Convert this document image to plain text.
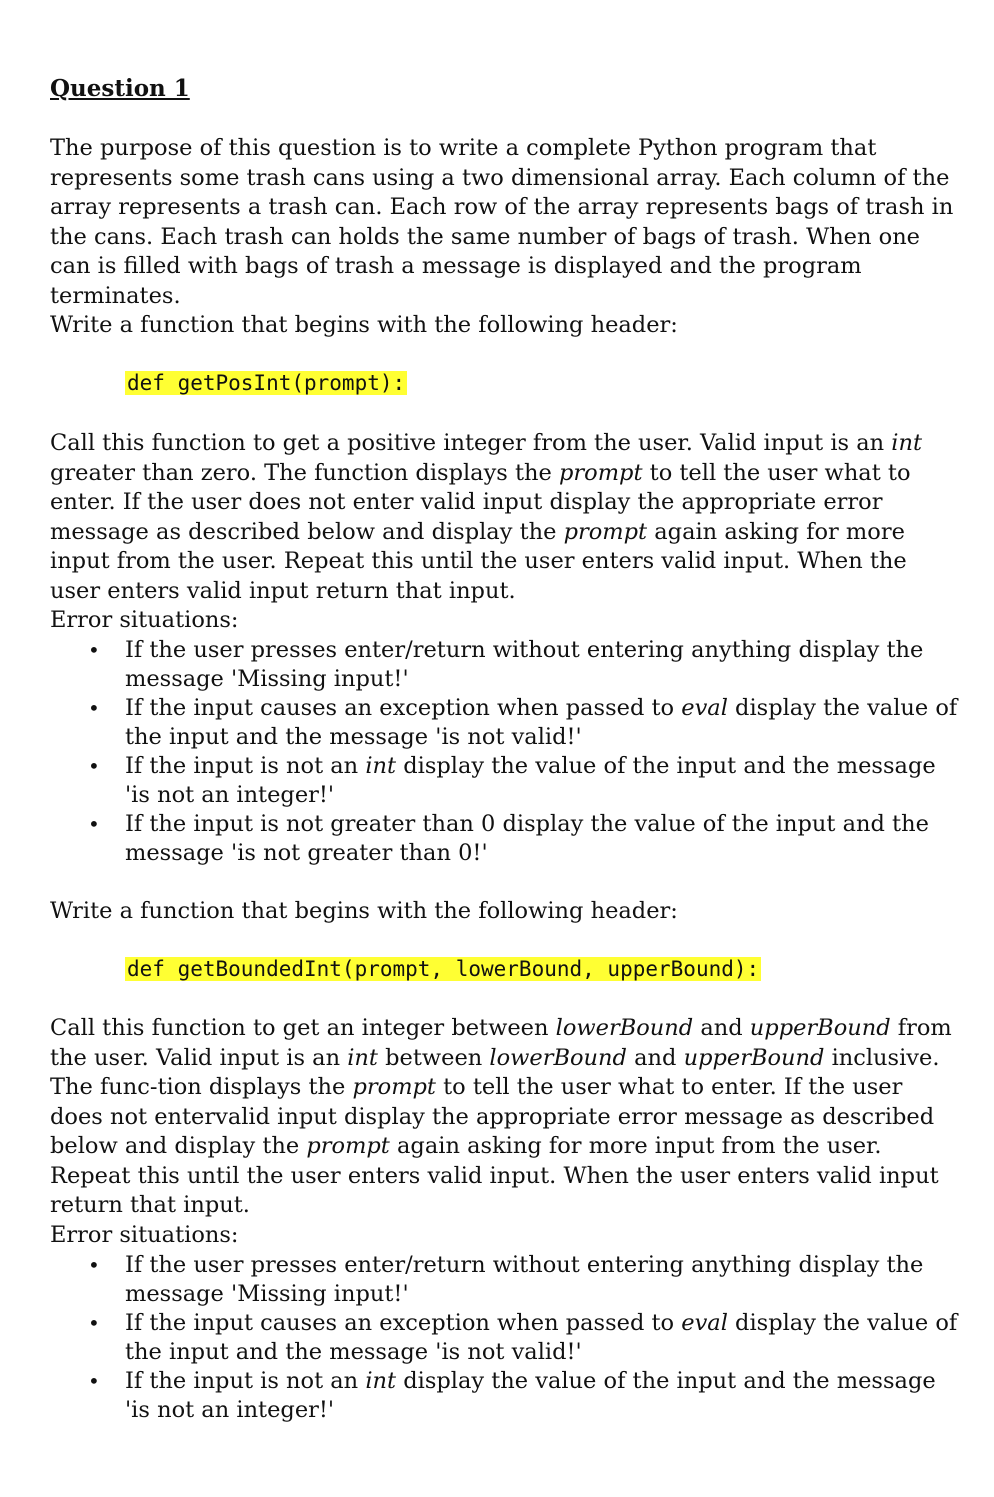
Question 1

The purpose of this question is to write a complete Python program that represents some trash cans using a two dimensional array. Each column of the array represents a trash can. Each row of the array represents bags of trash in the cans. Each trash can holds the same number of bags of trash. When one can is filled with bags of trash a message is displayed and the program terminates.

Write a function that begins with the following header:

def getPosInt(prompt):

Call this function to get a positive integer from the user. Valid input is an int greater than zero. The function displays the prompt to tell the user what to enter. If the user does not enter valid input display the appropriate error message as described below and display the prompt again asking for more input from the user. Repeat this until the user enters valid input. When the user enters valid input return that input.

Error situations:
• If the user presses enter/return without entering anything display the message 'Missing input!'
• If the input causes an exception when passed to eval display the value of the input and the message 'is not valid!'
• If the input is not an int display the value of the input and the message 'is not an integer!'
• If the input is not greater than 0 display the value of the input and the message 'is not greater than 0!'

Write a function that begins with the following header:

def getBoundedInt(prompt, lowerBound, upperBound):

Call this function to get an integer between lowerBound and upperBound from the user. Valid input is an int between lowerBound and upperBound inclusive. The func-tion displays the prompt to tell the user what to enter. If the user does not entervalid input display the appropriate error message as described below and display the prompt again asking for more input from the user. Repeat this until the user enters valid input. When the user enters valid input return that input.

Error situations:
• If the user presses enter/return without entering anything display the message 'Missing input!'
• If the input causes an exception when passed to eval display the value of the input and the message 'is not valid!'
• If the input is not an int display the value of the input and the message 'is not an integer!'
